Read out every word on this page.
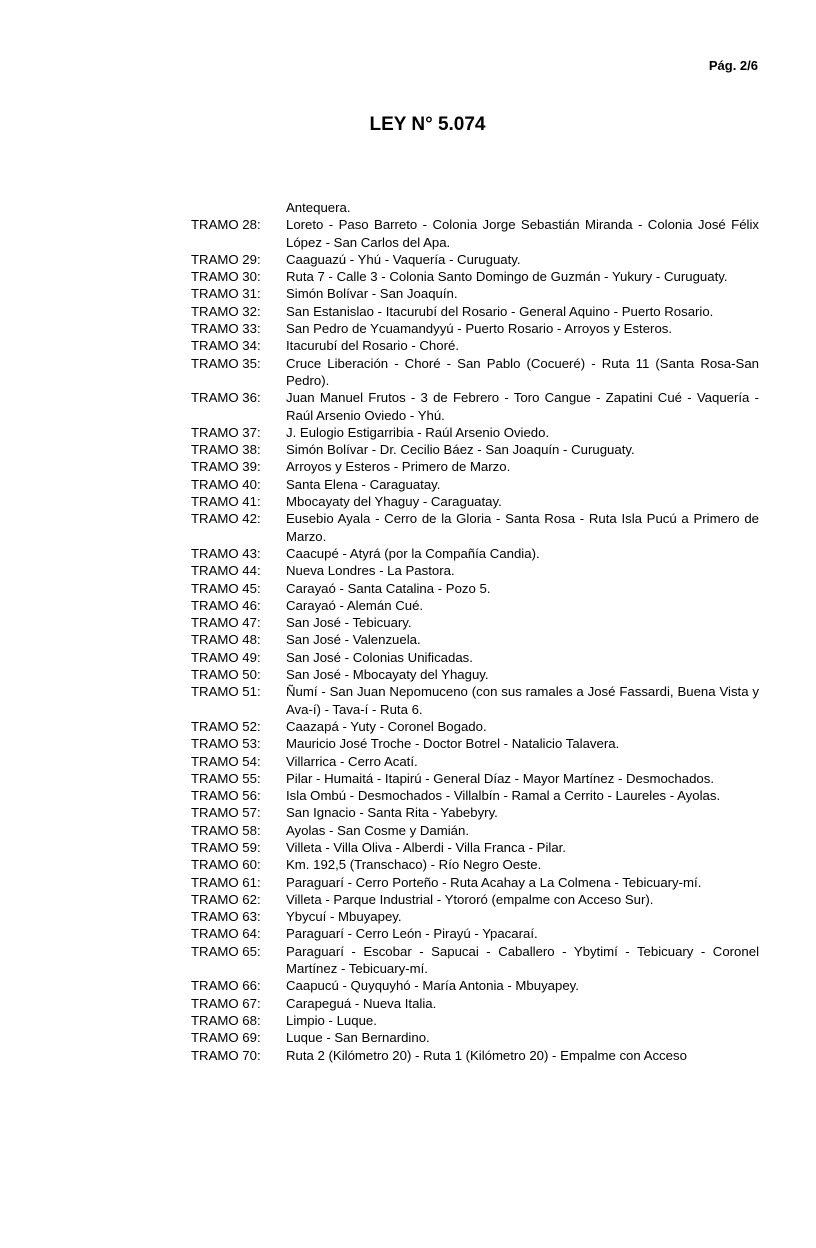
Pág. 2/6
LEY N° 5.074
Antequera.
TRAMO 28:	Loreto - Paso Barreto - Colonia Jorge Sebastián Miranda - Colonia José Félix López - San Carlos del Apa.
TRAMO 29:	Caaguazú - Yhú - Vaquería - Curuguaty.
TRAMO 30:	Ruta 7 - Calle 3 - Colonia Santo Domingo de Guzmán - Yukury - Curuguaty.
TRAMO 31:	Simón Bolívar - San Joaquín.
TRAMO 32:	San Estanislao - Itacurubí del Rosario - General Aquino - Puerto Rosario.
TRAMO 33:	San Pedro de Ycuamandyyú - Puerto Rosario - Arroyos y Esteros.
TRAMO 34:	Itacurubí del Rosario - Choré.
TRAMO 35:	Cruce Liberación - Choré - San Pablo (Cocueré) - Ruta 11 (Santa Rosa-San Pedro).
TRAMO 36:	Juan Manuel Frutos - 3 de Febrero - Toro Cangue - Zapatini Cué - Vaquería - Raúl Arsenio Oviedo - Yhú.
TRAMO 37:	J. Eulogio Estigarribia - Raúl Arsenio Oviedo.
TRAMO 38:	Simón Bolívar - Dr. Cecilio Báez - San Joaquín - Curuguaty.
TRAMO 39:	Arroyos y Esteros - Primero de Marzo.
TRAMO 40:	Santa Elena - Caraguatay.
TRAMO 41:	Mbocayaty del Yhaguy - Caraguatay.
TRAMO 42:	Eusebio Ayala - Cerro de la Gloria - Santa Rosa - Ruta Isla Pucú a Primero de Marzo.
TRAMO 43:	Caacupé - Atyrá (por la Compañía Candia).
TRAMO 44:	Nueva Londres - La Pastora.
TRAMO 45:	Carayaó - Santa Catalina - Pozo 5.
TRAMO 46:	Carayaó - Alemán Cué.
TRAMO 47:	San José - Tebicuary.
TRAMO 48:	San José - Valenzuela.
TRAMO 49:	San José - Colonias Unificadas.
TRAMO 50:	San José - Mbocayaty del Yhaguy.
TRAMO 51:	Ñumí - San Juan Nepomuceno (con sus ramales a José Fassardi, Buena Vista y Ava-í) - Tava-í - Ruta 6.
TRAMO 52:	Caazapá - Yuty - Coronel Bogado.
TRAMO 53:	Mauricio José Troche - Doctor Botrel - Natalicio Talavera.
TRAMO 54:	Villarrica - Cerro Acatí.
TRAMO 55:	Pilar - Humaitá - Itapirú - General Díaz - Mayor Martínez - Desmochados.
TRAMO 56:	Isla Ombú - Desmochados - Villalbín - Ramal a Cerrito - Laureles - Ayolas.
TRAMO 57:	San Ignacio - Santa Rita - Yabebyry.
TRAMO 58:	Ayolas - San Cosme y Damián.
TRAMO 59:	Villeta - Villa Oliva - Alberdi - Villa Franca - Pilar.
TRAMO 60:	Km. 192,5 (Transchaco) - Río Negro Oeste.
TRAMO 61:	Paraguarí - Cerro Porteño - Ruta Acahay a La Colmena - Tebicuary-mí.
TRAMO 62:	Villeta - Parque Industrial - Ytororó (empalme con Acceso Sur).
TRAMO 63:	Ybycuí - Mbuyapey.
TRAMO 64:	Paraguarí - Cerro León - Pirayú - Ypacaraí.
TRAMO 65:	Paraguarí - Escobar - Sapucai - Caballero - Ybytimí - Tebicuary - Coronel Martínez - Tebicuary-mí.
TRAMO 66:	Caapucú - Quyquyhó - María Antonia - Mbuyapey.
TRAMO 67:	Carapeguá - Nueva Italia.
TRAMO 68:	Limpio - Luque.
TRAMO 69:	Luque - San Bernardino.
TRAMO 70:	Ruta 2 (Kilómetro 20) - Ruta 1 (Kilómetro 20) - Empalme con Acceso
